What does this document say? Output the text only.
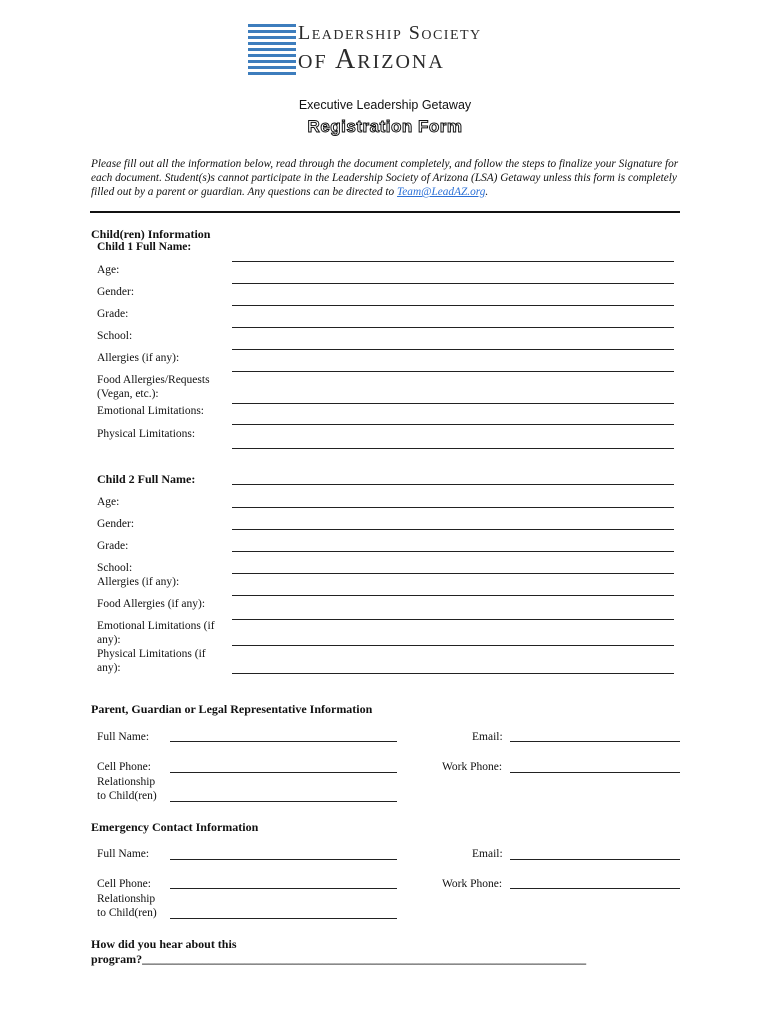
Leadership Society
of Arizona
Executive Leadership Getaway
Registration Form
Please fill out all the information below, read through the document completely, and follow the steps to finalize your Signature for each document. Student(s)s cannot participate in the Leadership Society of Arizona (LSA) Getaway unless this form is completely filled out by a parent or guardian. Any questions can be directed to Team@LeadAZ.org.
Child(ren) Information
Child 1 Full Name:
Age:
Gender:
Grade:
School:
Allergies (if any):
Food Allergies/Requests
(Vegan, etc.):
Emotional Limitations:
Physical Limitations:
Child 2 Full Name:
Age:
Gender:
Grade:
School:
Allergies (if any):
Food Allergies (if any):
Emotional Limitations (if
any):
Physical Limitations (if
any):
Parent, Guardian or Legal Representative Information
Full Name:	Email:
Cell Phone:	Work Phone:
Relationship
to Child(ren)
Emergency Contact Information
Full Name:	Email:
Cell Phone:	Work Phone:
Relationship
to Child(ren)
How did you hear about this
program?__________________________________________________________________________
